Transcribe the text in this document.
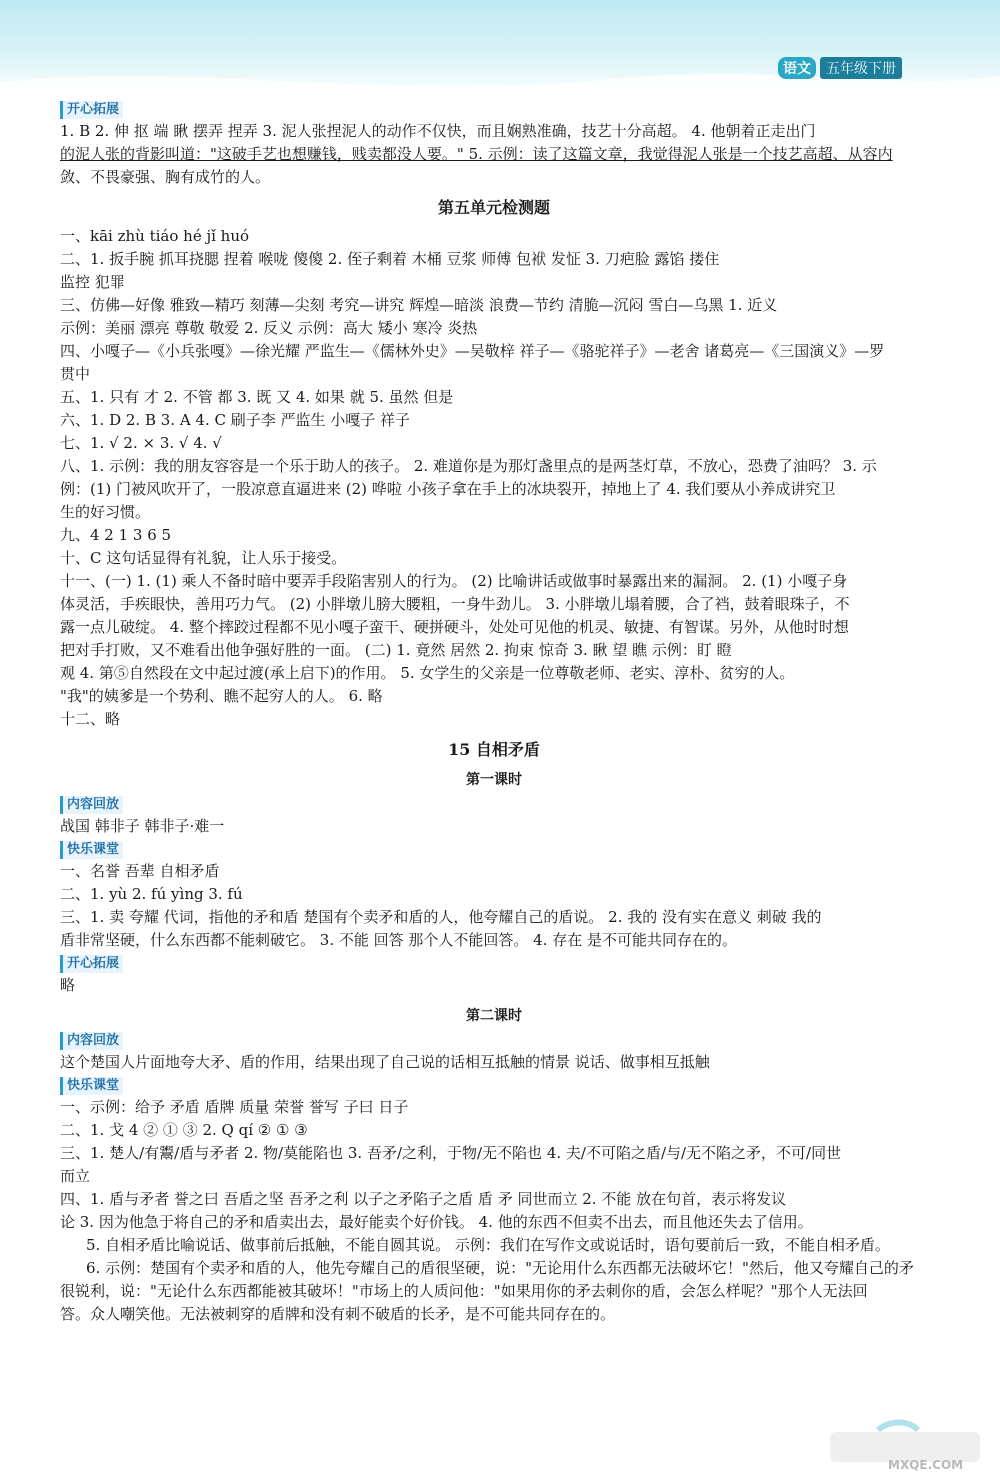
语文	五年级下册
开心拓展
1. B 2. 伸 抠 端 瞅 摆弄 捏弄 3. 泥人张捏泥人的动作不仅快，而且娴熟准确，技艺十分高超。 4. 他朝着正走出门
的泥人张的背影叫道："这破手艺也想赚钱，贱卖都没人要。" 5. 示例：读了这篇文章，我觉得泥人张是一个技艺高超、从容内
敛、不畏豪强、胸有成竹的人。
第五单元检测题
一、kāi zhù tiáo hé jǐ huó
二、1. 扳手腕 抓耳挠腮 捏着 喉咙 傻傻 2. 侄子剩着 木桶 豆浆 师傅 包袱 发怔 3. 刀疤脸 露馅 搂住
监控 犯罪
三、仿佛—好像 雅致—精巧 刻薄—尖刻 考究—讲究 辉煌—暗淡 浪费—节约 清脆—沉闷 雪白—乌黑 1. 近义
示例：美丽 漂亮 尊敬 敬爱 2. 反义 示例：高大 矮小 寒冷 炎热
四、小嘎子—《小兵张嘎》—徐光耀 严监生—《儒林外史》—吴敬梓 祥子—《骆驼祥子》—老舍 诸葛亮—《三国演义》—罗
贯中
五、1. 只有 才 2. 不管 都 3. 既 又 4. 如果 就 5. 虽然 但是
六、1. D 2. B 3. A 4. C 刷子李 严监生 小嘎子 祥子
七、1. √ 2. × 3. √ 4. √
八、1. 示例：我的朋友容容是一个乐于助人的孩子。 2. 难道你是为那灯盏里点的是两茎灯草，不放心，恐费了油吗？ 3. 示
例：(1) 门被风吹开了，一股凉意直逼进来 (2) 哗啦 小孩子拿在手上的冰块裂开，掉地上了 4. 我们要从小养成讲究卫
生的好习惯。
九、4 2 1 3 6 5
十、C 这句话显得有礼貌，让人乐于接受。
十一、(一) 1. (1) 乘人不备时暗中要弄手段陷害别人的行为。 (2) 比喻讲话或做事时暴露出来的漏洞。 2. (1) 小嘎子身
体灵活，手疾眼快，善用巧力气。 (2) 小胖墩儿膀大腰粗，一身牛劲儿。 3. 小胖墩儿塌着腰，合了裆，鼓着眼珠子，不
露一点儿破绽。 4. 整个摔跤过程都不见小嘎子蛮干、硬拼硬斗，处处可见他的机灵、敏捷、有智谋。另外，从他时时想
把对手打败，又不难看出他争强好胜的一面。 (二) 1. 竟然 居然 2. 拘束 惊奇 3. 瞅 望 瞧 示例：盯 瞪
观 4. 第⑤自然段在文中起过渡(承上启下)的作用。 5. 女学生的父亲是一位尊敬老师、老实、淳朴、贫穷的人。
"我"的姨爹是一个势利、瞧不起穷人的人。 6. 略
十二、略
15 自相矛盾
第一课时
内容回放
战国 韩非子 韩非子·难一
快乐课堂
一、名誉 吾辈 自相矛盾
二、1. yù 2. fú yìng 3. fú
三、1. 卖 夸耀 代词，指他的矛和盾 楚国有个卖矛和盾的人，他夸耀自己的盾说。 2. 我的 没有实在意义 刺破 我的
盾非常坚硬，什么东西都不能刺破它。 3. 不能 回答 那个人不能回答。 4. 存在 是不可能共同存在的。
开心拓展
略
第二课时
内容回放
这个楚国人片面地夸大矛、盾的作用，结果出现了自己说的话相互抵触的情景 说话、做事相互抵触
快乐课堂
一、示例：给予 矛盾 盾牌 质量 荣誉 誉写 子曰 日子
二、1. 戈 4 ② ① ③ 2. Q qí ② ① ③
三、1. 楚人/有鬻/盾与矛者 2. 物/莫能陷也 3. 吾矛/之利，于物/无不陷也 4. 夫/不可陷之盾/与/无不陷之矛，不可/同世
而立
四、1. 盾与矛者 誉之曰 吾盾之坚 吾矛之利 以子之矛陷子之盾 盾 矛 同世而立 2. 不能 放在句首，表示将发议
论 3. 因为他急于将自己的矛和盾卖出去，最好能卖个好价钱。 4. 他的东西不但卖不出去，而且他还失去了信用。
5. 自相矛盾比喻说话、做事前后抵触，不能自圆其说。 示例：我们在写作文或说话时，语句要前后一致，不能自相矛盾。
6. 示例：楚国有个卖矛和盾的人，他先夸耀自己的盾很坚硬，说："无论用什么东西都无法破坏它！"然后，他又夸耀自己的矛
很锐利，说："无论什么东西都能被其破坏！"市场上的人质问他："如果用你的矛去刺你的盾，会怎么样呢？"那个人无法回
答。众人嘲笑他。无法被刺穿的盾牌和没有刺不破盾的长矛，是不可能共同存在的。
MXQE.COM
